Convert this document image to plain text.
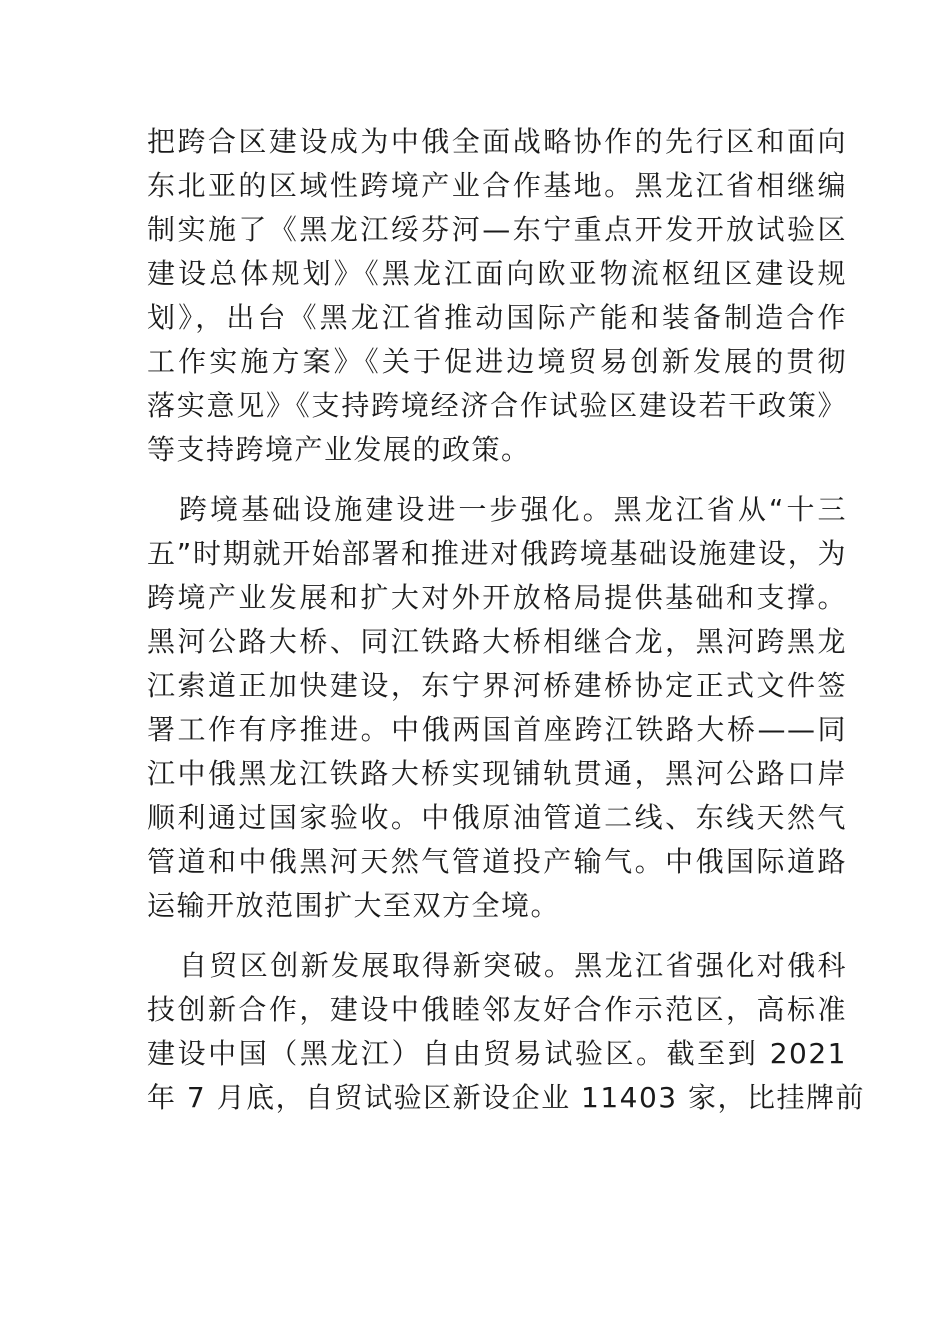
把跨合区建设成为中俄全面战略协作的先行区和面向
东北亚的区域性跨境产业合作基地。黑龙江省相继编
制实施了《黑龙江绥芬河—东宁重点开发开放试验区
建设总体规划》《黑龙江面向欧亚物流枢纽区建设规
划》，出台《黑龙江省推动国际产能和装备制造合作
工作实施方案》《关于促进边境贸易创新发展的贯彻
落实意见》《支持跨境经济合作试验区建设若干政策》
等支持跨境产业发展的政策。
跨境基础设施建设进一步强化。黑龙江省从“十三
五”时期就开始部署和推进对俄跨境基础设施建设，为
跨境产业发展和扩大对外开放格局提供基础和支撑。
黑河公路大桥、同江铁路大桥相继合龙，黑河跨黑龙
江索道正加快建设，东宁界河桥建桥协定正式文件签
署工作有序推进。中俄两国首座跨江铁路大桥——同
江中俄黑龙江铁路大桥实现铺轨贯通，黑河公路口岸
顺利通过国家验收。中俄原油管道二线、东线天然气
管道和中俄黑河天然气管道投产输气。中俄国际道路
运输开放范围扩大至双方全境。
自贸区创新发展取得新突破。黑龙江省强化对俄科
技创新合作，建设中俄睦邻友好合作示范区，高标准
建设中国（黑龙江）自由贸易试验区。截至到 2021
年 7 月底，自贸试验区新设企业 11403 家，比挂牌前
